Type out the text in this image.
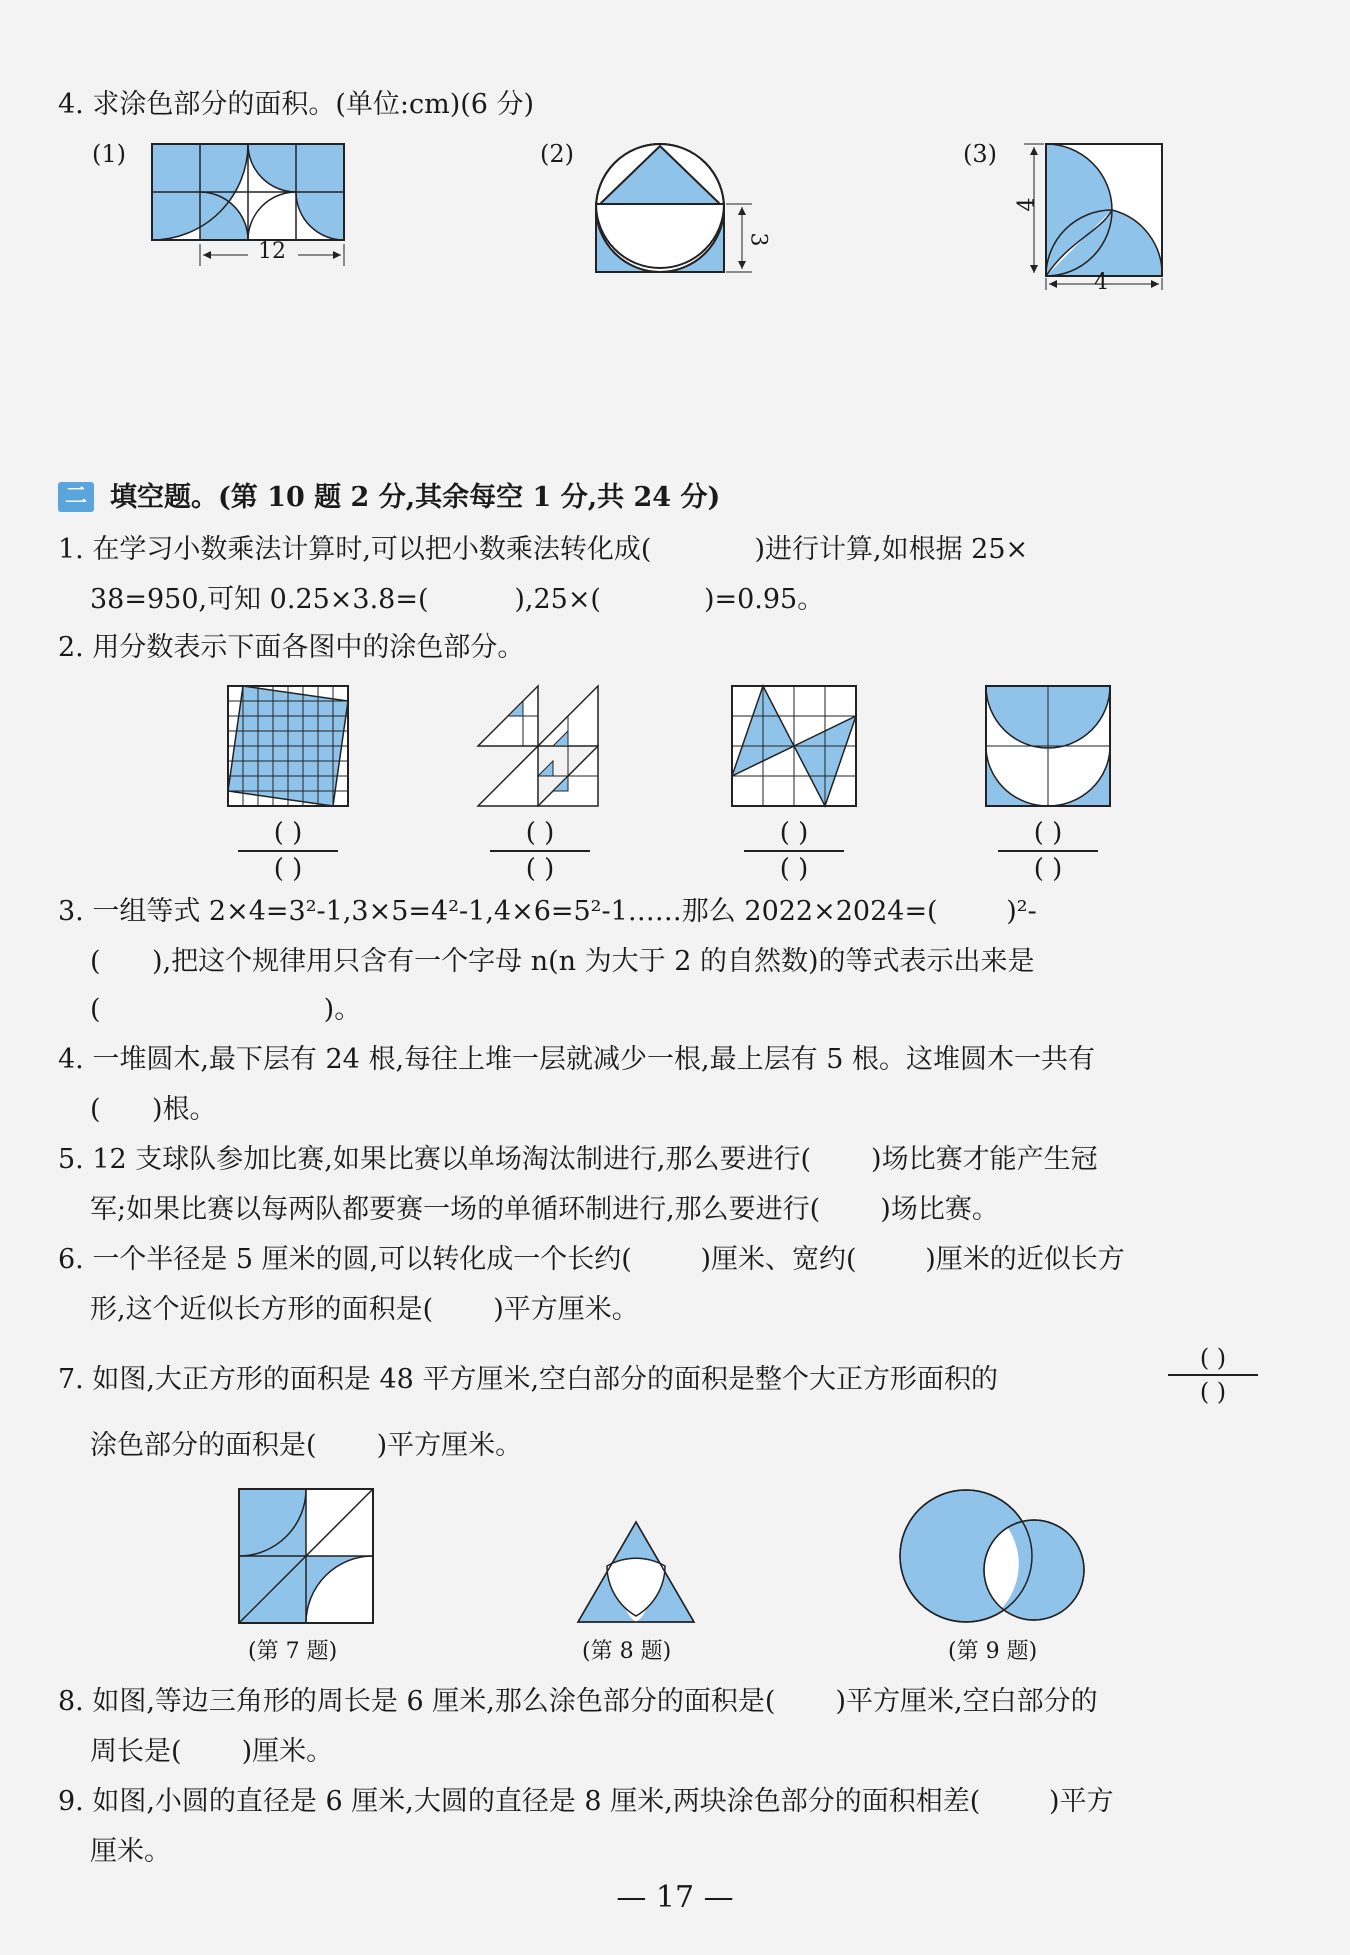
4. 求涂色部分的面积。(单位:cm)(6 分)
(1)	(2)	(3)
12	3
4
4
二 填空题。(第 10 题 2 分,其余每空 1 分,共 24 分)
1. 在学习小数乘法计算时,可以把小数乘法转化成(            )进行计算,如根据 25×
38=950,可知 0.25×3.8=(          ),25×(            )=0.95。
2. 用分数表示下面各图中的涂色部分。
( )
( )
( )
( )
( )
( )
( )
( )
3. 一组等式 2×4=3²-1,3×5=4²-1,4×6=5²-1……那么 2022×2024=(        )²-
(      ),把这个规律用只含有一个字母 n(n 为大于 2 的自然数)的等式表示出来是
(                          )。
4. 一堆圆木,最下层有 24 根,每往上堆一层就减少一根,最上层有 5 根。这堆圆木一共有
(      )根。
5. 12 支球队参加比赛,如果比赛以单场淘汰制进行,那么要进行(       )场比赛才能产生冠
军;如果比赛以每两队都要赛一场的单循环制进行,那么要进行(       )场比赛。
6. 一个半径是 5 厘米的圆,可以转化成一个长约(        )厘米、宽约(        )厘米的近似长方
形,这个近似长方形的面积是(       )平方厘米。
7. 如图,大正方形的面积是 48 平方厘米,空白部分的面积是整个大正方形面积的
( )
( )
涂色部分的面积是(       )平方厘米。
(第 7 题)	(第 8 题)	(第 9 题)
8. 如图,等边三角形的周长是 6 厘米,那么涂色部分的面积是(       )平方厘米,空白部分的
周长是(       )厘米。
9. 如图,小圆的直径是 6 厘米,大圆的直径是 8 厘米,两块涂色部分的面积相差(        )平方
厘米。
— 17 —
